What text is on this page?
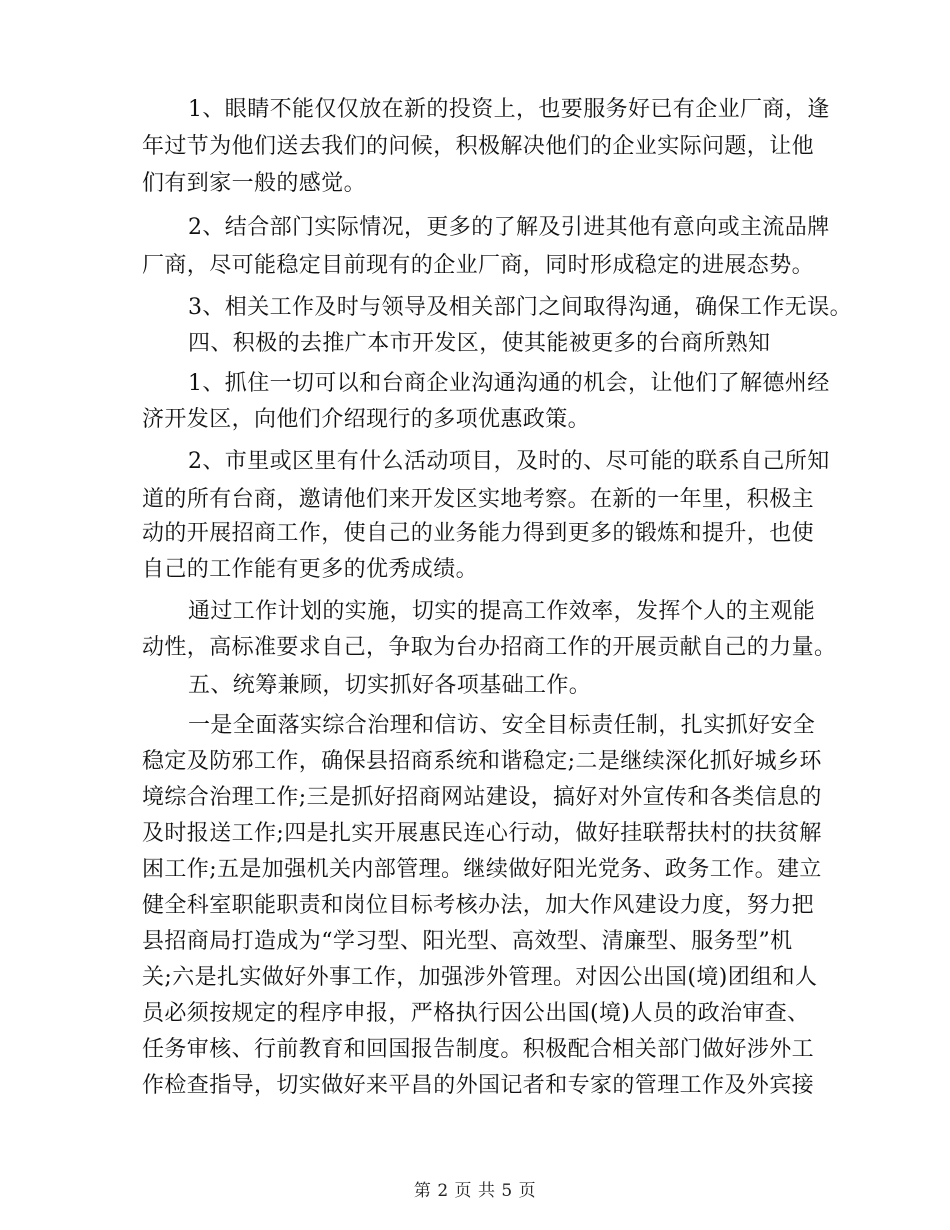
1、眼睛不能仅仅放在新的投资上，也要服务好已有企业厂商，逢
年过节为他们送去我们的问候，积极解决他们的企业实际问题，让他
们有到家一般的感觉。
2、结合部门实际情况，更多的了解及引进其他有意向或主流品牌
厂商，尽可能稳定目前现有的企业厂商，同时形成稳定的进展态势。
3、相关工作及时与领导及相关部门之间取得沟通，确保工作无误。
四、积极的去推广本市开发区，使其能被更多的台商所熟知
1、抓住一切可以和台商企业沟通沟通的机会，让他们了解德州经
济开发区，向他们介绍现行的多项优惠政策。
2、市里或区里有什么活动项目，及时的、尽可能的联系自己所知
道的所有台商，邀请他们来开发区实地考察。在新的一年里，积极主
动的开展招商工作，使自己的业务能力得到更多的锻炼和提升，也使
自己的工作能有更多的优秀成绩。
通过工作计划的实施，切实的提高工作效率，发挥个人的主观能
动性，高标准要求自己，争取为台办招商工作的开展贡献自己的力量。
五、统筹兼顾，切实抓好各项基础工作。
一是全面落实综合治理和信访、安全目标责任制，扎实抓好安全
稳定及防邪工作，确保县招商系统和谐稳定;二是继续深化抓好城乡环
境综合治理工作;三是抓好招商网站建设，搞好对外宣传和各类信息的
及时报送工作;四是扎实开展惠民连心行动，做好挂联帮扶村的扶贫解
困工作;五是加强机关内部管理。继续做好阳光党务、政务工作。建立
健全科室职能职责和岗位目标考核办法，加大作风建设力度，努力把
县招商局打造成为“学习型、阳光型、高效型、清廉型、服务型”机
关;六是扎实做好外事工作，加强涉外管理。对因公出国(境)团组和人
员必须按规定的程序申报，严格执行因公出国(境)人员的政治审查、
任务审核、行前教育和回国报告制度。积极配合相关部门做好涉外工
作检查指导，切实做好来平昌的外国记者和专家的管理工作及外宾接
第 2 页 共 5 页
